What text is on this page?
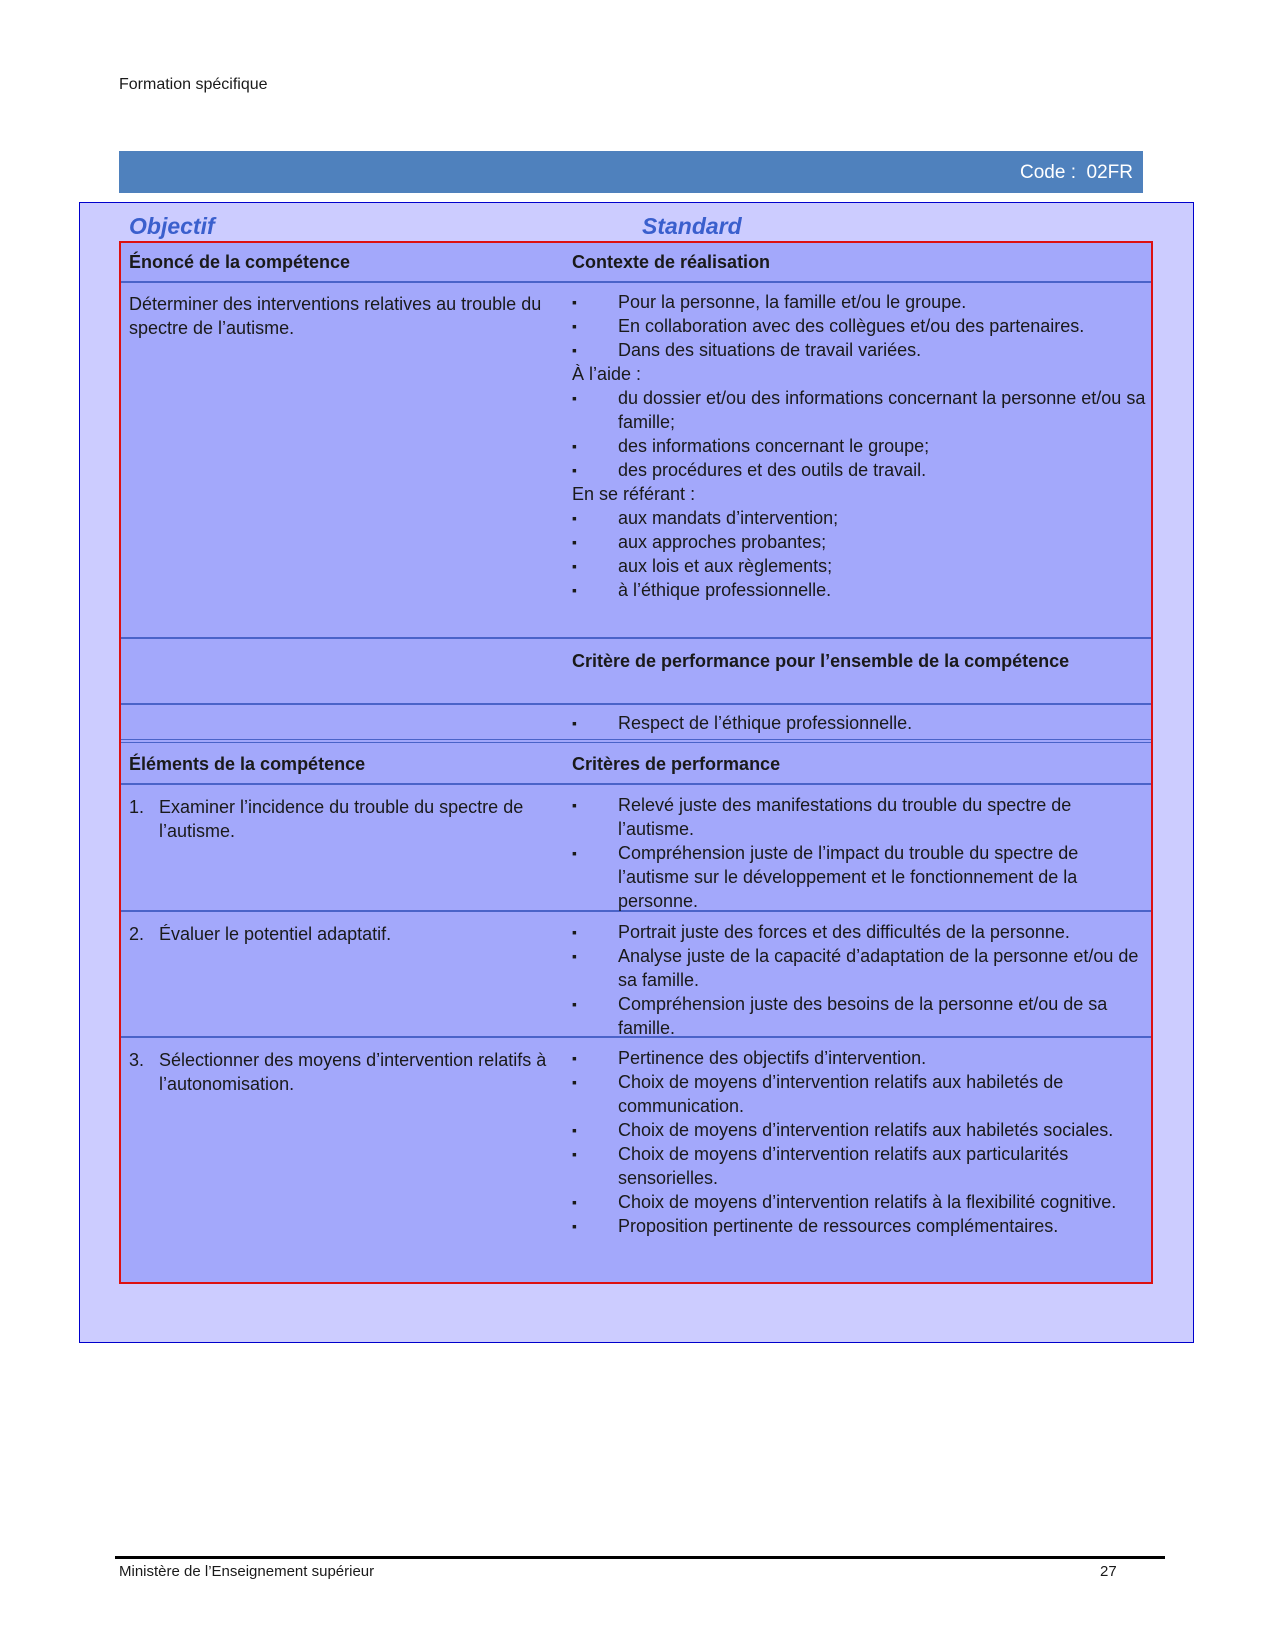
Formation spécifique
Code :  02FR
Objectif	Standard
Énoncé de la compétence	Contexte de réalisation
Déterminer des interventions relatives au trouble du spectre de l’autisme.
▪ Pour la personne, la famille et/ou le groupe.
▪ En collaboration avec des collègues et/ou des partenaires.
▪ Dans des situations de travail variées.
À l’aide :
▪ du dossier et/ou des informations concernant la personne et/ou sa famille;
▪ des informations concernant le groupe;
▪ des procédures et des outils de travail.
En se référant :
▪ aux mandats d’intervention;
▪ aux approches probantes;
▪ aux lois et aux règlements;
▪ à l’éthique professionnelle.
Critère de performance pour l’ensemble de la compétence
▪ Respect de l’éthique professionnelle.
Éléments de la compétence	Critères de performance
1. Examiner l’incidence du trouble du spectre de l’autisme.
▪ Relevé juste des manifestations du trouble du spectre de l’autisme.
▪ Compréhension juste de l’impact du trouble du spectre de l’autisme sur le développement et le fonctionnement de la personne.
2. Évaluer le potentiel adaptatif.
▪	Portrait juste des forces et des difficultés de la personne.
▪ Analyse juste de la capacité d’adaptation de la personne et/ou de sa famille.
▪ Compréhension juste des besoins de la personne et/ou de sa famille.
3. Sélectionner des moyens d’intervention relatifs à l’autonomisation.
▪ Pertinence des objectifs d’intervention.
▪ Choix de moyens d’intervention relatifs aux habiletés de communication.
▪ Choix de moyens d’intervention relatifs aux habiletés sociales.
▪ Choix de moyens d’intervention relatifs aux particularités sensorielles.
▪ Choix de moyens d’intervention relatifs à la flexibilité cognitive.
▪ Proposition pertinente de ressources complémentaires.
Ministère de l’Enseignement supérieur	27
